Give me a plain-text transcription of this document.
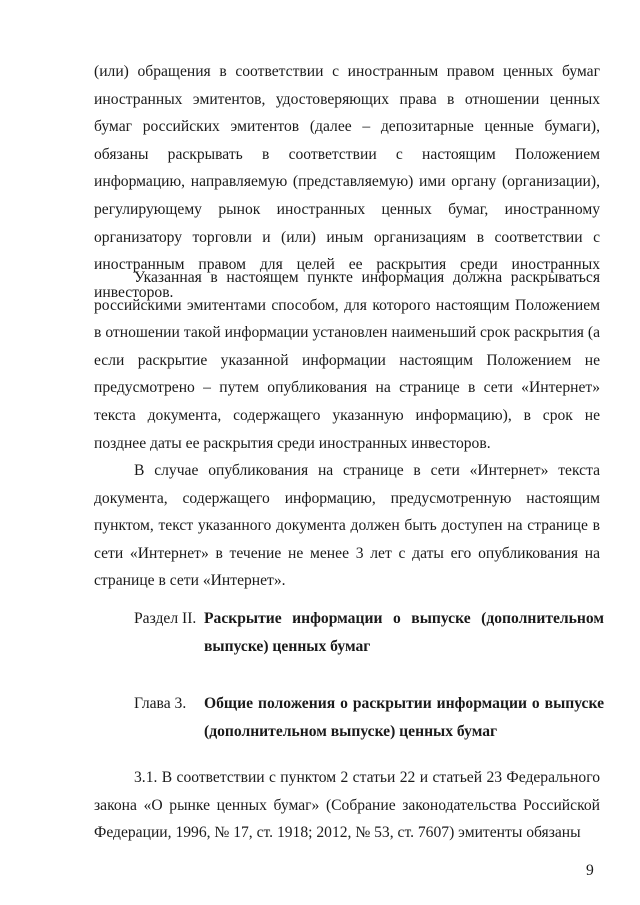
(или) обращения в соответствии с иностранным правом ценных бумаг иностранных эмитентов, удостоверяющих права в отношении ценных бумаг российских эмитентов (далее – депозитарные ценные бумаги), обязаны раскрывать в соответствии с настоящим Положением информацию, направляемую (представляемую) ими органу (организации), регулирующему рынок иностранных ценных бумаг, иностранному организатору торговли и (или) иным организациям в соответствии с иностранным правом для целей ее раскрытия среди иностранных инвесторов.

Указанная в настоящем пункте информация должна раскрываться российскими эмитентами способом, для которого настоящим Положением в отношении такой информации установлен наименьший срок раскрытия (а если раскрытие указанной информации настоящим Положением не предусмотрено – путем опубликования на странице в сети «Интернет» текста документа, содержащего указанную информацию), в срок не позднее даты ее раскрытия среди иностранных инвесторов.

В случае опубликования на странице в сети «Интернет» текста документа, содержащего информацию, предусмотренную настоящим пунктом, текст указанного документа должен быть доступен на странице в сети «Интернет» в течение не менее 3 лет с даты его опубликования на странице в сети «Интернет».

Раздел II. Раскрытие информации о выпуске (дополнительном выпуске) ценных бумаг
Глава 3. Общие положения о раскрытии информации о выпуске (дополнительном выпуске) ценных бумаг

3.1. В соответствии с пунктом 2 статьи 22 и статьей 23 Федерального закона «О рынке ценных бумаг» (Собрание законодательства Российской Федерации, 1996, № 17, ст. 1918; 2012, № 53, ст. 7607) эмитенты обязаны

9
